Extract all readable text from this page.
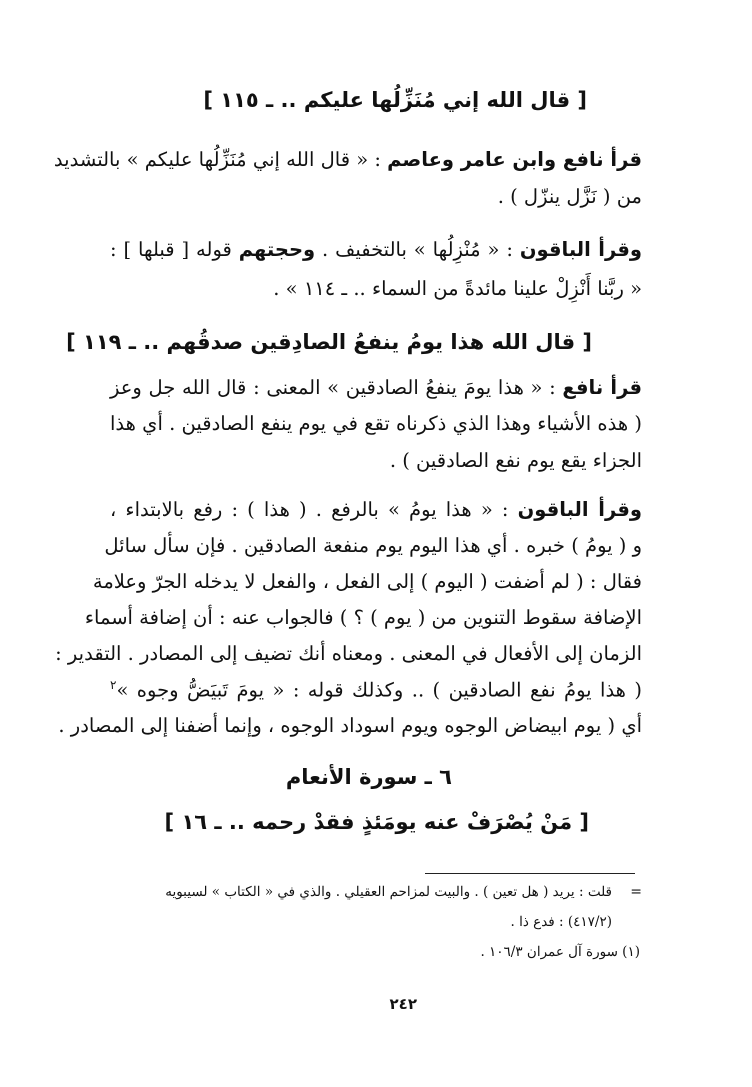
[ قال الله إني مُنَزِّلُها عليكم .. ـ ١١٥ ]
قرأ نافع وابن عامر وعاصم : « قال الله إني مُنَزِّلُها عليكم » بالتشديد
من ( نَزَّل ينزّل ) .
وقرأ الباقون : « مُنْزِلُها » بالتخفيف . وحجتهم قوله [ قبلها ] :
« ربَّنا أَنْزِلْ علينا مائدةً من السماء .. ـ ١١٤ » .
[ قال الله هذا يومُ ينفعُ الصادِقين صدقُهم .. ـ ١١٩ ]
قرأ نافع : « هذا يومَ ينفعُ الصادقين » المعنى : قال الله جل وعز
( هذه الأشياء وهذا الذي ذكرناه تقع في يوم ينفع الصادقين . أي هذا
الجزاء يقع يوم نفع الصادقين ) .
وقرأ الباقون : « هذا يومُ » بالرفع . ( هذا ) : رفع بالابتداء ،
و ( يومُ ) خبره . أي هذا اليوم يوم منفعة الصادقين . فإن سأل سائل
فقال : ( لم أضفت ( اليوم ) إلى الفعل ، والفعل لا يدخله الجرّ وعلامة
الإضافة سقوط التنوين من ( يوم ) ؟ ) فالجواب عنه : أن إضافة أسماء
الزمان إلى الأفعال في المعنى . ومعناه أنك تضيف إلى المصادر . التقدير :
( هذا يومُ نفع الصادقين ) .. وكذلك قوله : « يومَ تَبيَضُّ وجوه »$^٢$
أي ( يوم ابيضاض الوجوه ويوم اسوداد الوجوه ، وإنما أضفنا إلى المصادر .
٦ ـ سورة الأنعام
[ مَنْ يُصْرَفْ عنه يومَئذٍ فقدْ رحمه .. ـ ١٦ ]
=
قلت : يريد ( هل تعين ) . والبيت لمزاحم العقيلي . والذي في « الكتاب » لسيبويه
(٤١٧/٢) : فدع ذا .
(١) سورة آل عمران ١٠٦/٣ .
٢٤٢
